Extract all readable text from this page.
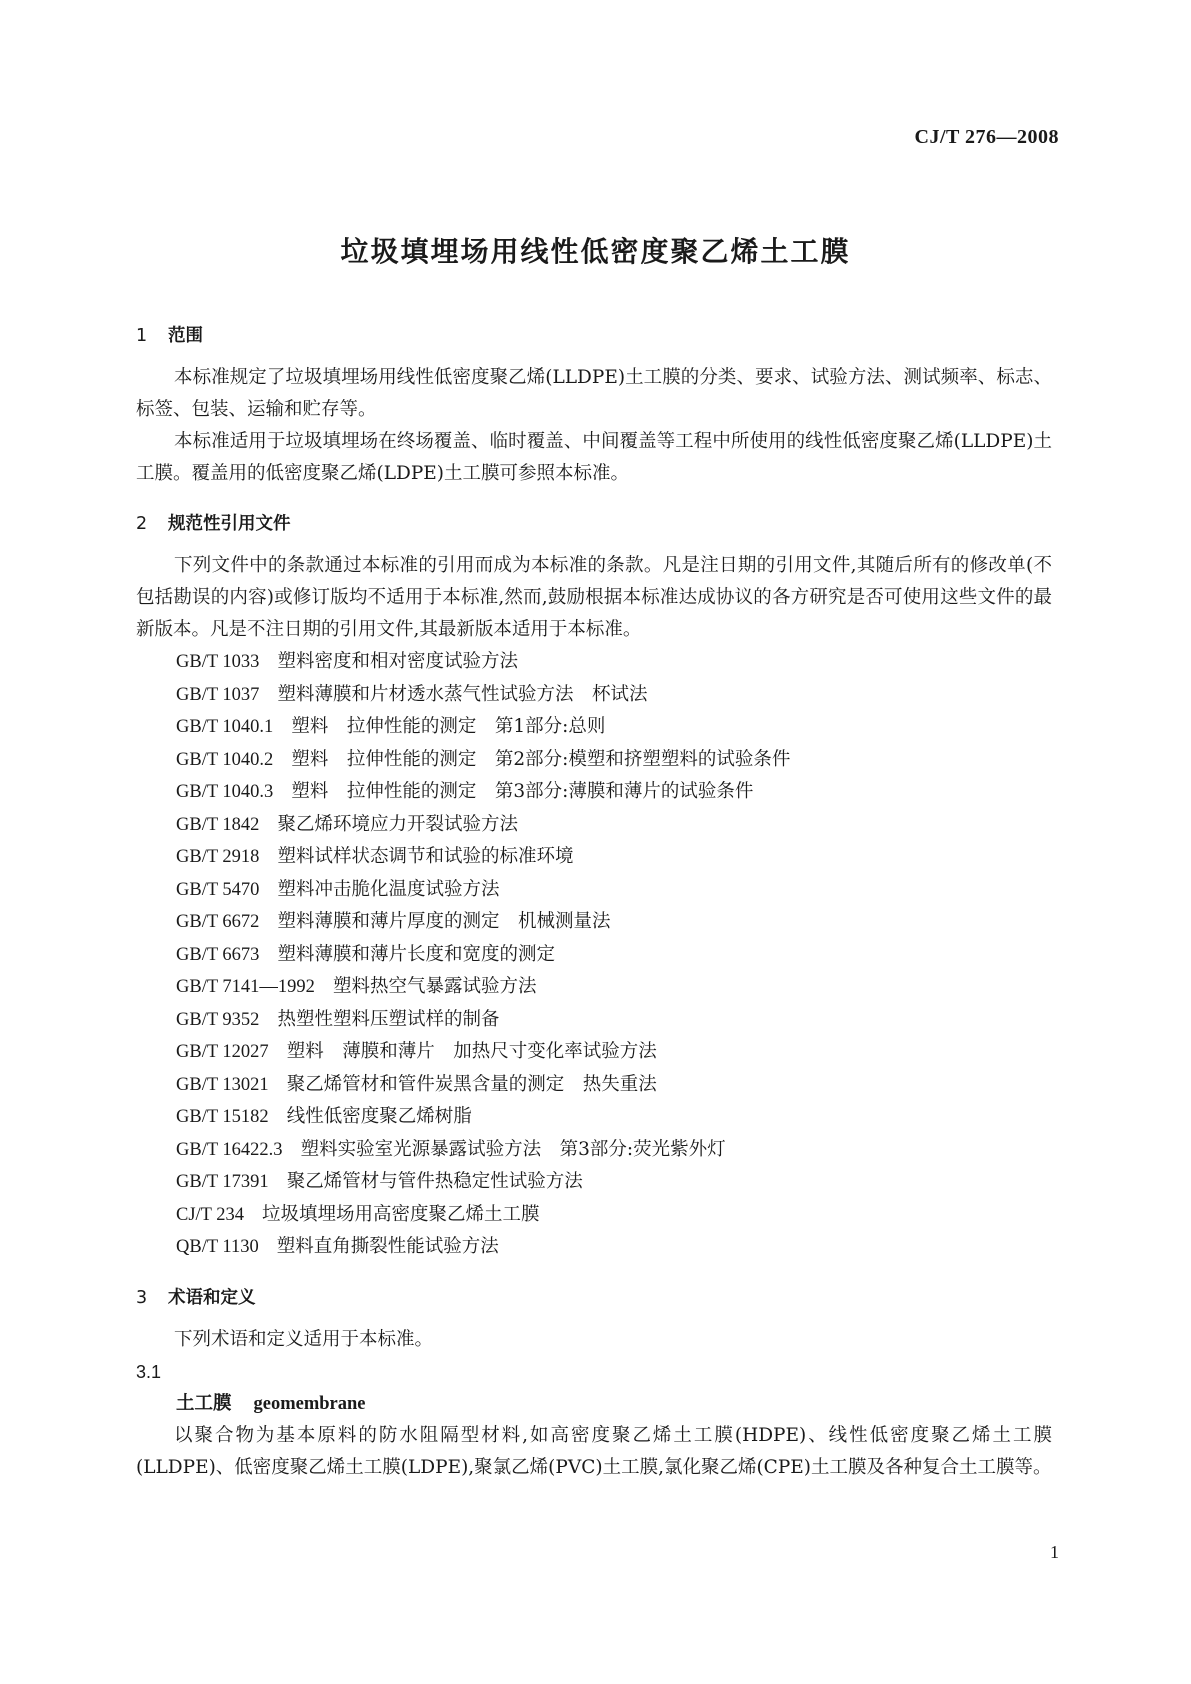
CJ/T 276—2008
垃圾填埋场用线性低密度聚乙烯土工膜
1 范围

本标准规定了垃圾填埋场用线性低密度聚乙烯(LLDPE)土工膜的分类、要求、试验方法、测试频率、标志、标签、包装、运输和贮存等。

本标准适用于垃圾填埋场在终场覆盖、临时覆盖、中间覆盖等工程中所使用的线性低密度聚乙烯(LLDPE)土工膜。覆盖用的低密度聚乙烯(LDPE)土工膜可参照本标准。

2 规范性引用文件

下列文件中的条款通过本标准的引用而成为本标准的条款。凡是注日期的引用文件,其随后所有的修改单(不包括勘误的内容)或修订版均不适用于本标准,然而,鼓励根据本标准达成协议的各方研究是否可使用这些文件的最新版本。凡是不注日期的引用文件,其最新版本适用于本标准。

GB/T 1033 塑料密度和相对密度试验方法
GB/T 1037 塑料薄膜和片材透水蒸气性试验方法　杯试法
GB/T 1040.1 塑料　拉伸性能的测定　第1部分:总则
GB/T 1040.2 塑料　拉伸性能的测定　第2部分:模塑和挤塑塑料的试验条件
GB/T 1040.3 塑料　拉伸性能的测定　第3部分:薄膜和薄片的试验条件
GB/T 1842 聚乙烯环境应力开裂试验方法
GB/T 2918 塑料试样状态调节和试验的标准环境
GB/T 5470 塑料冲击脆化温度试验方法
GB/T 6672 塑料薄膜和薄片厚度的测定　机械测量法
GB/T 6673 塑料薄膜和薄片长度和宽度的测定
GB/T 7141—1992 塑料热空气暴露试验方法
GB/T 9352 热塑性塑料压塑试样的制备
GB/T 12027 塑料　薄膜和薄片　加热尺寸变化率试验方法
GB/T 13021 聚乙烯管材和管件炭黑含量的测定　热失重法
GB/T 15182 线性低密度聚乙烯树脂
GB/T 16422.3 塑料实验室光源暴露试验方法　第3部分:荧光紫外灯
GB/T 17391 聚乙烯管材与管件热稳定性试验方法
CJ/T 234 垃圾填埋场用高密度聚乙烯土工膜
QB/T 1130 塑料直角撕裂性能试验方法
3 术语和定义

下列术语和定义适用于本标准。

3.1
土工膜 geomembrane

以聚合物为基本原料的防水阻隔型材料,如高密度聚乙烯土工膜(HDPE)、线性低密度聚乙烯土工膜(LLDPE)、低密度聚乙烯土工膜(LDPE),聚氯乙烯(PVC)土工膜,氯化聚乙烯(CPE)土工膜及各种复合土工膜等。

1
